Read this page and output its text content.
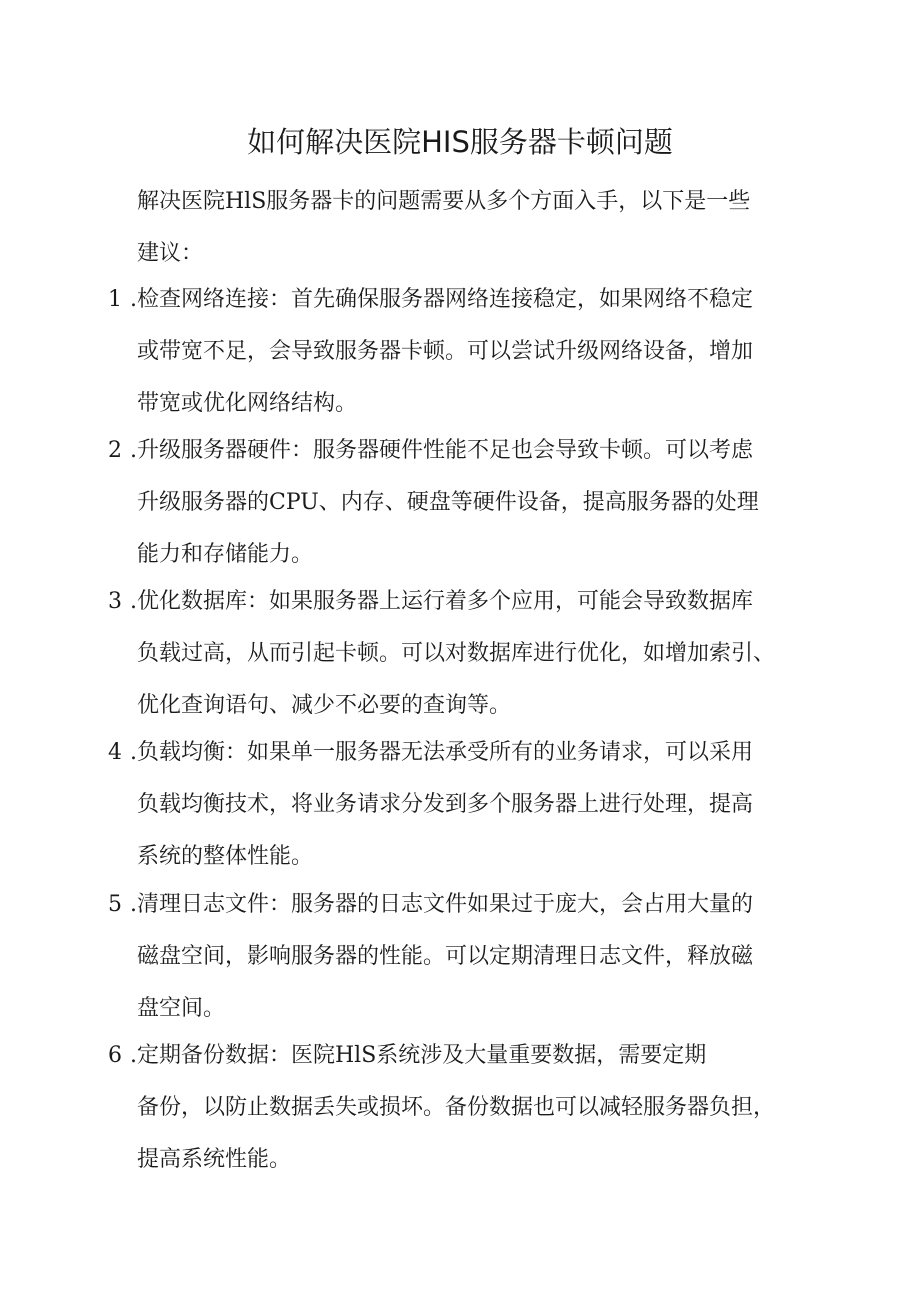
如何解决医院HIS服务器卡顿问题
解决医院HlS服务器卡的问题需要从多个方面入手，以下是一些
建议：
1 .检查网络连接：首先确保服务器网络连接稳定，如果网络不稳定
或带宽不足，会导致服务器卡顿。可以尝试升级网络设备，增加
带宽或优化网络结构。
2 .升级服务器硬件：服务器硬件性能不足也会导致卡顿。可以考虑
升级服务器的CPU、内存、硬盘等硬件设备，提高服务器的处理
能力和存储能力。
3 .优化数据库：如果服务器上运行着多个应用，可能会导致数据库
负载过高，从而引起卡顿。可以对数据库进行优化，如增加索引、
优化查询语句、减少不必要的查询等。
4 .负载均衡：如果单一服务器无法承受所有的业务请求，可以采用
负载均衡技术，将业务请求分发到多个服务器上进行处理，提高
系统的整体性能。
5 .清理日志文件：服务器的日志文件如果过于庞大，会占用大量的
磁盘空间，影响服务器的性能。可以定期清理日志文件，释放磁
盘空间。
6 .定期备份数据：医院HlS系统涉及大量重要数据，需要定期
备份，以防止数据丢失或损坏。备份数据也可以减轻服务器负担，
提高系统性能。
